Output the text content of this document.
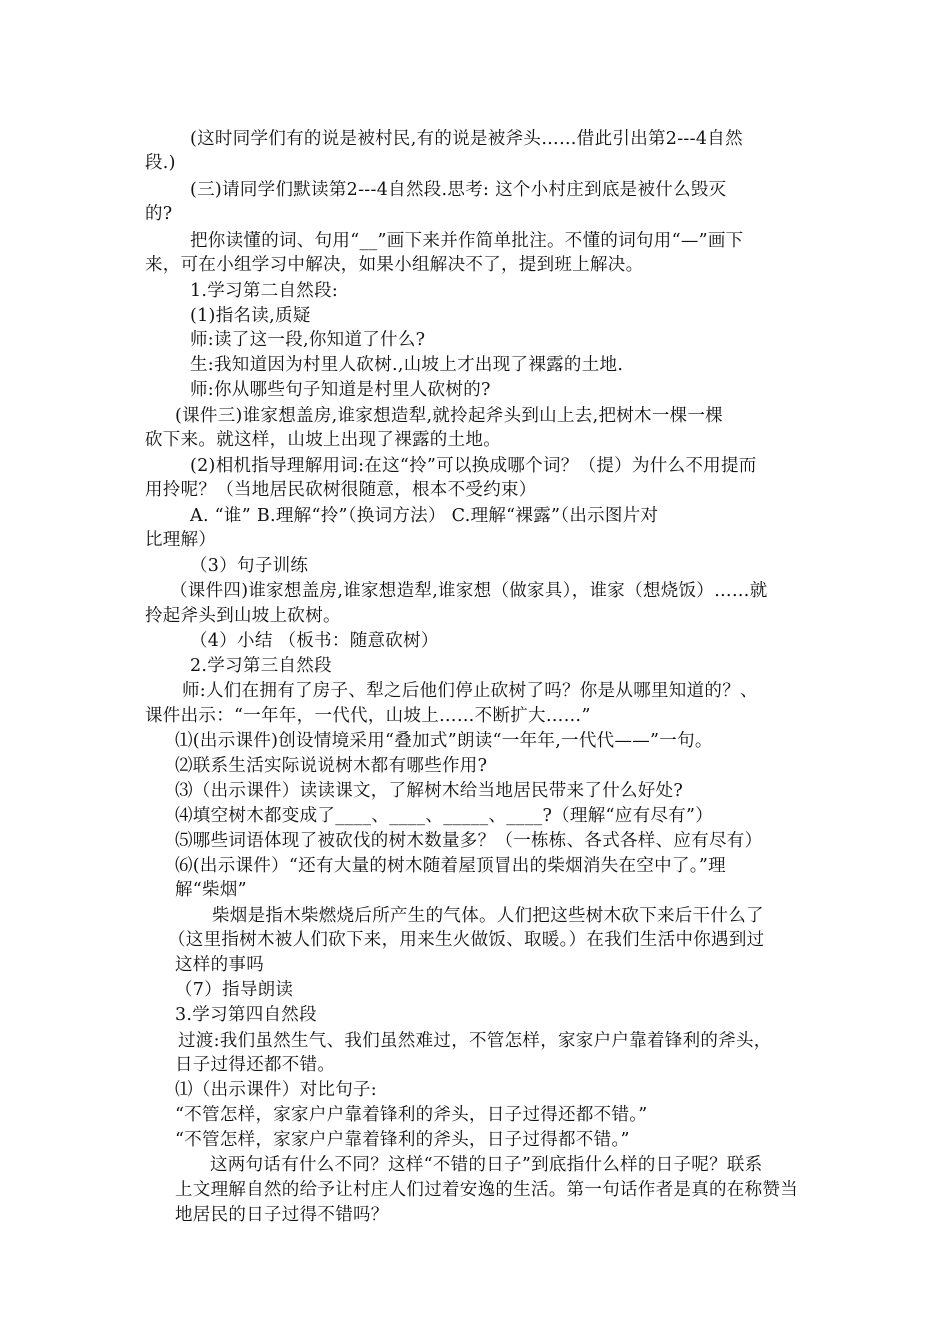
(这时同学们有的说是被村民,有的说是被斧头……借此引出第2---4自然
段.)
(三)请同学们默读第2---4自然段.思考: 这个小村庄到底是被什么毁灭
的?
把你读懂的词、句用“__”画下来并作简单批注。不懂的词句用“—”画下
来，可在小组学习中解决，如果小组解决不了，提到班上解决。
1.学习第二自然段:
(1)指名读,质疑
师:读了这一段,你知道了什么?
生:我知道因为村里人砍树.,山坡上才出现了裸露的土地.
师:你从哪些句子知道是村里人砍树的?
(课件三)谁家想盖房,谁家想造犁,就拎起斧头到山上去,把树木一棵一棵
砍下来。就这样，山坡上出现了裸露的土地。
(2)相机指导理解用词:在这“拎”可以换成哪个词？（提）为什么不用提而
用拎呢？（当地居民砍树很随意，根本不受约束）
A. “谁” B.理解“拎”（换词方法） C.理解“裸露”（出示图片对
比理解）
（3）句子训练
（课件四)谁家想盖房,谁家想造犁,谁家想（做家具），谁家（想烧饭）……就
拎起斧头到山坡上砍树。
（4）小结 （板书：随意砍树）
2.学习第三自然段
师:人们在拥有了房子、犁之后他们停止砍树了吗？你是从哪里知道的？、
课件出示：“一年年，一代代，山坡上……不断扩大……”
⑴(出示课件)创设情境采用“叠加式”朗读“一年年,一代代——”一句。
⑵联系生活实际说说树木都有哪些作用?
⑶（出示课件）读读课文，了解树木给当地居民带来了什么好处?
⑷填空树木都变成了____、____、_____、____?（理解“应有尽有”）
⑸哪些词语体现了被砍伐的树木数量多？（一栋栋、各式各样、应有尽有）
⑹(出示课件）“还有大量的树木随着屋顶冒出的柴烟消失在空中了。”理
解“柴烟”
柴烟是指木柴燃烧后所产生的气体。人们把这些树木砍下来后干什么了
（这里指树木被人们砍下来，用来生火做饭、取暖。）在我们生活中你遇到过
这样的事吗
（7）指导朗读
3.学习第四自然段
过渡:我们虽然生气、我们虽然难过，不管怎样，家家户户靠着锋利的斧头，
日子过得还都不错。
⑴（出示课件）对比句子:
“不管怎样，家家户户靠着锋利的斧头，日子过得还都不错。”
“不管怎样，家家户户靠着锋利的斧头，日子过得都不错。”
这两句话有什么不同？这样“不错的日子”到底指什么样的日子呢？联系
上文理解自然的给予让村庄人们过着安逸的生活。第一句话作者是真的在称赞当
地居民的日子过得不错吗？
